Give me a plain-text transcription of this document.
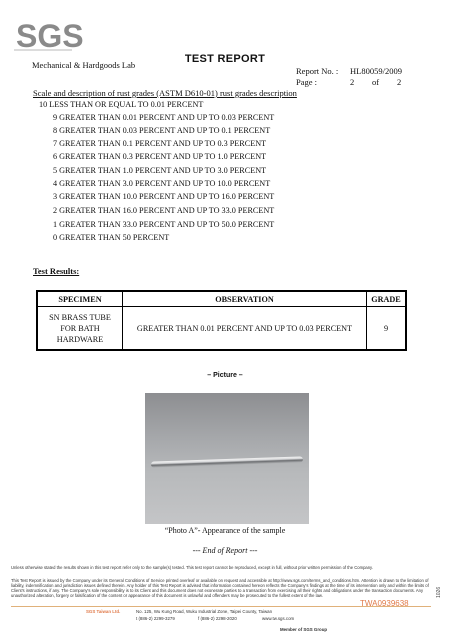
SGS
Mechanical & Hardgoods Lab	TEST REPORT
Report No. : HL80059/2009
Page :	2 of 2
Scale and description of rust grades (ASTM D610-01) rust grades description
10 LESS THAN OR EQUAL TO 0.01 PERCENT
9 GREATER THAN 0.01 PERCENT AND UP TO 0.03 PERCENT
8 GREATER THAN 0.03 PERCENT AND UP TO 0.1 PERCENT
7 GREATER THAN 0.1 PERCENT AND UP TO 0.3 PERCENT
6 GREATER THAN 0.3 PERCENT AND UP TO 1.0 PERCENT
5 GREATER THAN 1.0 PERCENT AND UP TO 3.0 PERCENT
4 GREATER THAN 3.0 PERCENT AND UP TO 10.0 PERCENT
3 GREATER THAN 10.0 PERCENT AND UP TO 16.0 PERCENT
2 GREATER THAN 16.0 PERCENT AND UP TO 33.0 PERCENT
1 GREATER THAN 33.0 PERCENT AND UP TO 50.0 PERCENT
0 GREATER THAN 50 PERCENT
Test Results:
SPECIMEN	OBSERVATION	GRADE
SN BRASS TUBE FOR BATH HARDWARE	GREATER THAN 0.01 PERCENT AND UP TO 0.03 PERCENT	9
– Picture –
“Photo A”- Appearance of the sample
--- End of Report ---
Unless otherwise stated the results shown in this test report refer only to the sample(s) tested. This test report cannot be reproduced, except in full, without prior written permission of the Company.
This Test Report is issued by the Company under its General Conditions of Service printed overleaf or available on request and accessible at http://www.sgs.com/terms_and_conditions.htm. Attention is drawn to the limitation of liability, indemnification and jurisdiction issues defined therein. Any holder of this Test Report is advised that information contained hereon reflects the Company's findings at the time of its intervention only and within the limits of Client's instructions, if any. The Company's sole responsibility is to its Client and this document does not exonerate parties to a transaction from exercising all their rights and obligations under the transaction documents. Any unauthorized alteration, forgery or falsification of the content or appearance of this document is unlawful and offenders may be prosecuted to the fullest extent of the law.
SGS Taiwan Ltd.	No. 125, Wu Kung Road, Wuku Industrial Zone, Taipei County, Taiwan
t (886-2) 2299-3279	f (886-2) 2298-2020	www.tw.sgs.com
Member of SGS Group
TWA0939638
1026
